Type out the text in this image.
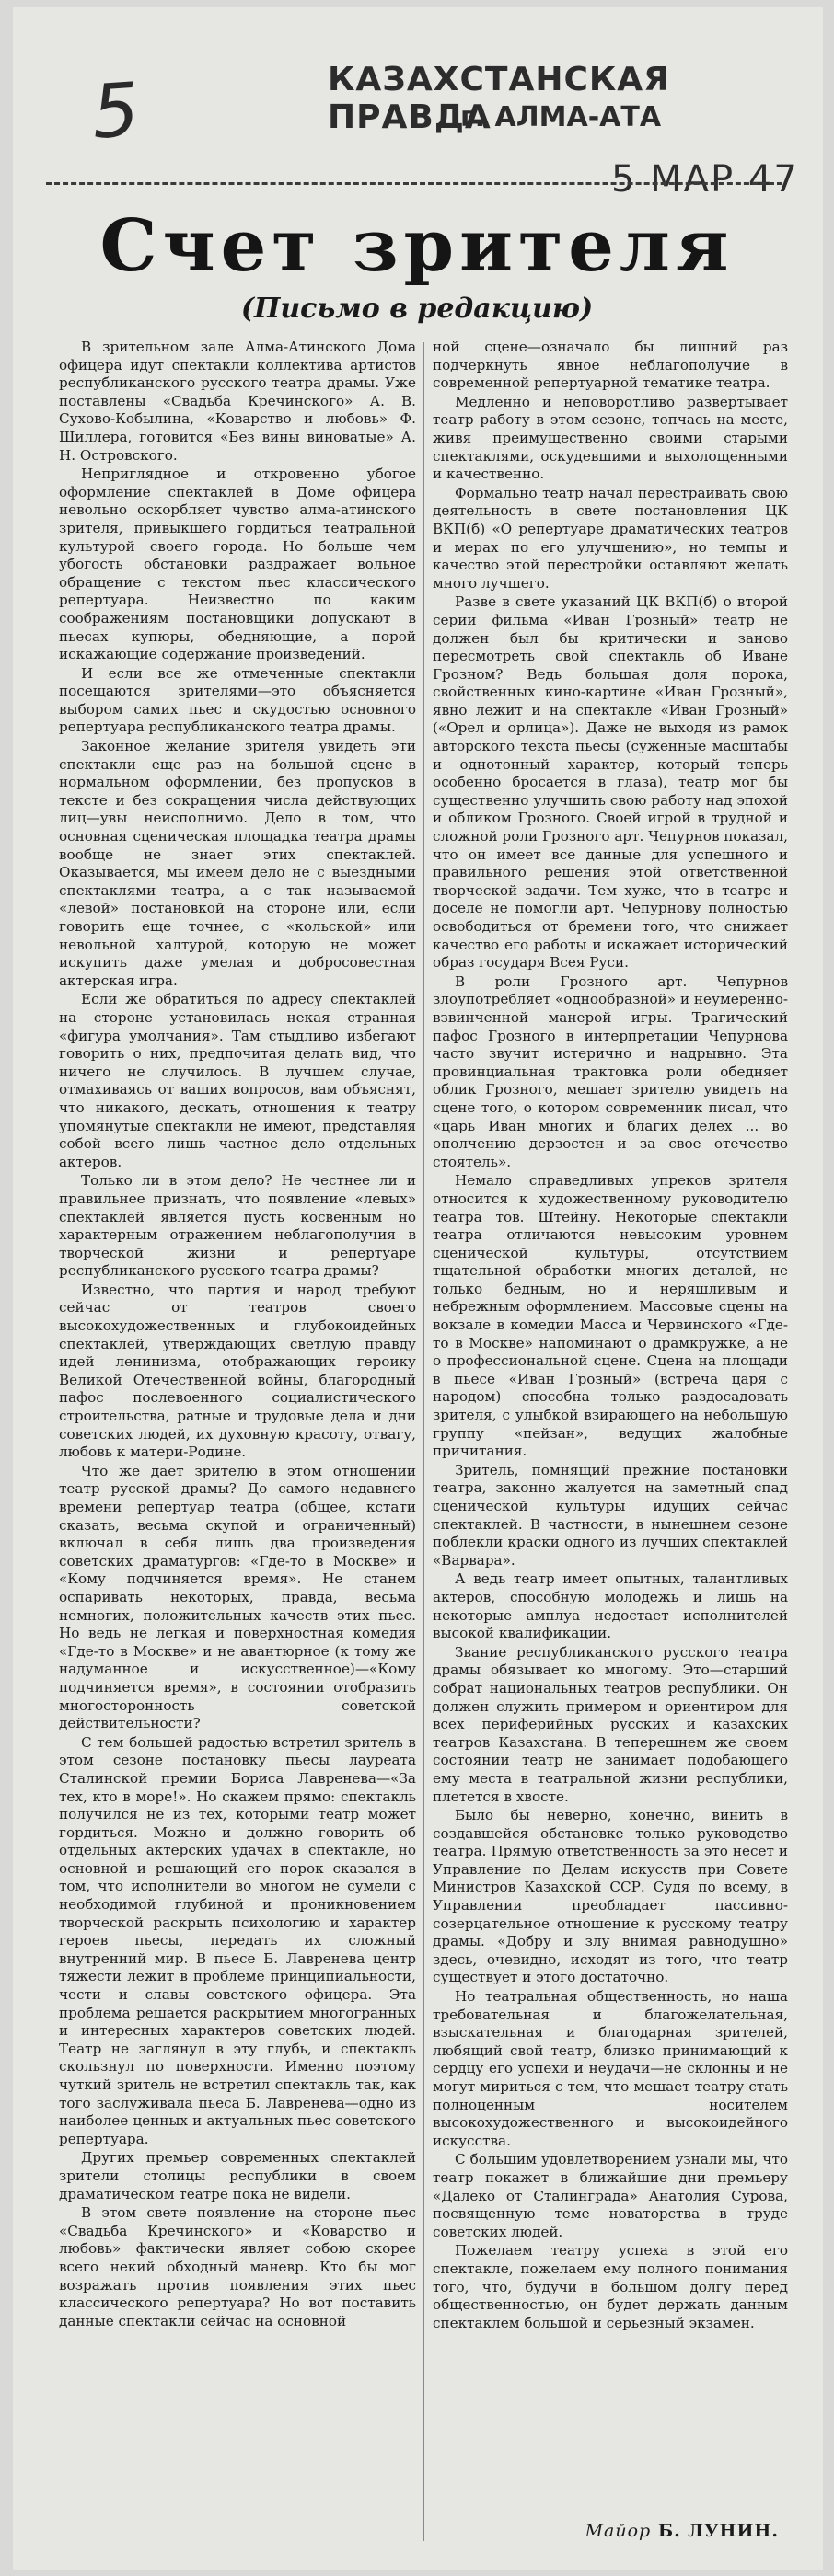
5	КАЗАХСТАНСКАЯ ПРАВДА
г. АЛМА-АТА
5 МАР 47
Счет зрителя
(Письмо в редакцию)

В зрительном зале Алма-Атинского Дома офицера идут спектакли коллектива артистов республиканского русского театра драмы. Уже поставлены «Свадьба Кречинского» А. В. Сухово-Кобылина, «Коварство и любовь» Ф. Шиллера, готовится «Без вины виноватые» А. Н. Островского.

Неприглядное и откровенно убогое оформление спектаклей в Доме офицера невольно оскорбляет чувство алма-атинского зрителя, привыкшего гордиться театральной культурой своего города. Но больше чем убогость обстановки раздражает вольное обращение с текстом пьес классического репертуара. Неизвестно по каким соображениям постановщики допускают в пьесах купюры, обедняющие, а порой искажающие содержание произведений.

И если все же отмеченные спектакли посещаются зрителями—это объясняется выбором самих пьес и скудостью основного репертуара республиканского театра драмы.

Законное желание зрителя увидеть эти спектакли еще раз на большой сцене в нормальном оформлении, без пропусков в тексте и без сокращения числа действующих лиц—увы неисполнимо. Дело в том, что основная сценическая площадка театра драмы вообще не знает этих спектаклей. Оказывается, мы имеем дело не с выездными спектаклями театра, а с так называемой «левой» постановкой на стороне или, если говорить еще точнее, с «кольской» или невольной халтурой, которую не может искупить даже умелая и добросовестная актерская игра.

Если же обратиться по адресу спектаклей на стороне установилась некая странная «фигура умолчания». Там стыдливо избегают говорить о них, предпочитая делать вид, что ничего не случилось. В лучшем случае, отмахиваясь от ваших вопросов, вам объяснят, что никакого, дескать, отношения к театру упомянутые спектакли не имеют, представляя собой всего лишь частное дело отдельных актеров.

Только ли в этом дело? Не честнее ли и правильнее признать, что появление «левых» спектаклей является пусть косвенным но характерным отражением неблагополучия в творческой жизни и репертуаре республиканского русского театра драмы?

Известно, что партия и народ требуют сейчас от театров своего высокохудожественных и глубокоидейных спектаклей, утверждающих светлую правду идей ленинизма, отображающих героику Великой Отечественной войны, благородный пафос послевоенного социалистического строительства, ратные и трудовые дела и дни советских людей, их духовную красоту, отвагу, любовь к матери-Родине.

Что же дает зрителю в этом отношении театр русской драмы? До самого недавнего времени репертуар театра (общее, кстати сказать, весьма скупой и ограниченный) включал в себя лишь два произведения советских драматургов: «Где-то в Москве» и «Кому подчиняется время». Не станем оспаривать некоторых, правда, весьма немногих, положительных качеств этих пьес. Но ведь не легкая и поверхностная комедия «Где-то в Москве» и не авантюрное (к тому же надуманное и искусственное)—«Кому подчиняется время», в состоянии отобразить многосторонность советской действительности?

С тем большей радостью встретил зритель в этом сезоне постановку пьесы лауреата Сталинской премии Бориса Лавренева—«За тех, кто в море!». Но скажем прямо: спектакль получился не из тех, которыми театр может гордиться. Можно и должно говорить об отдельных актерских удачах в спектакле, но основной и решающий его порок сказался в том, что исполнители во многом не сумели с необходимой глубиной и проникновением творческой раскрыть психологию и характер героев пьесы, передать их сложный внутренний мир. В пьесе Б. Лавренева центр тяжести лежит в проблеме принципиальности, чести и славы советского офицера. Эта проблема решается раскрытием многогранных и интересных характеров советских людей. Театр не заглянул в эту глубь, и спектакль скользнул по поверхности. Именно поэтому чуткий зритель не встретил спектакль так, как того заслуживала пьеса Б. Лавренева—одно из наиболее ценных и актуальных пьес советского репертуара.

Других премьер современных спектаклей зрители столицы республики в своем драматическом театре пока не видели.

В этом свете появление на стороне пьес «Свадьба Кречинского» и «Коварство и любовь» фактически являет собою скорее всего некий обходный маневр. Кто бы мог возражать против появления этих пьес классического репертуара? Но вот поставить данные спектакли сейчас на основной

ной сцене—означало бы лишний раз подчеркнуть явное неблагополучие в современной репертуарной тематике театра.

Медленно и неповоротливо развертывает театр работу в этом сезоне, топчась на месте, живя преимущественно своими старыми спектаклями, оскудевшими и выхолощенными и качественно.

Формально театр начал перестраивать свою деятельность в свете постановления ЦК ВКП(б) «О репертуаре драматических театров и мерах по его улучшению», но темпы и качество этой перестройки оставляют желать много лучшего.

Разве в свете указаний ЦК ВКП(б) о второй серии фильма «Иван Грозный» театр не должен был бы критически и заново пересмотреть свой спектакль об Иване Грозном? Ведь большая доля порока, свойственных кино-картине «Иван Грозный», явно лежит и на спектакле «Иван Грозный» («Орел и орлица»). Даже не выходя из рамок авторского текста пьесы (суженные масштабы и однотонный характер, который теперь особенно бросается в глаза), театр мог бы существенно улучшить свою работу над эпохой и обликом Грозного. Своей игрой в трудной и сложной роли Грозного арт. Чепурнов показал, что он имеет все данные для успешного и правильного решения этой ответственной творческой задачи. Тем хуже, что в театре и доселе не помогли арт. Чепурнову полностью освободиться от бремени того, что снижает качество его работы и искажает исторический образ государя Всея Руси.

В роли Грозного арт. Чепурнов злоупотребляет «однообразной» и неумеренно-взвинченной манерой игры. Трагический пафос Грозного в интерпретации Чепурнова часто звучит истерично и надрывно. Эта провинциальная трактовка роли обедняет облик Грозного, мешает зрителю увидеть на сцене того, о котором современник писал, что «царь Иван многих и благих делех ... во ополчению дерзостен и за свое отечество стоятель».

Немало справедливых упреков зрителя относится к художественному руководителю театра тов. Штейну. Некоторые спектакли театра отличаются невысоким уровнем сценической культуры, отсутствием тщательной обработки многих деталей, не только бедным, но и неряшливым и небрежным оформлением. Массовые сцены на вокзале в комедии Масса и Червинского «Где-то в Москве» напоминают о драмкружке, а не о профессиональной сцене. Сцена на площади в пьесе «Иван Грозный» (встреча царя с народом) способна только раздосадовать зрителя, с улыбкой взирающего на небольшую группу «пейзан», ведущих жалобные причитания.

Зритель, помнящий прежние постановки театра, законно жалуется на заметный спад сценической культуры идущих сейчас спектаклей. В частности, в нынешнем сезоне поблекли краски одного из лучших спектаклей «Варвара».

А ведь театр имеет опытных, талантливых актеров, способную молодежь и лишь на некоторые амплуа недостает исполнителей высокой квалификации.

Звание республиканского русского театра драмы обязывает ко многому. Это—старший собрат национальных театров республики. Он должен служить примером и ориентиром для всех периферийных русских и казахских театров Казахстана. В теперешнем же своем состоянии театр не занимает подобающего ему места в театральной жизни республики, плетется в хвосте.

Было бы неверно, конечно, винить в создавшейся обстановке только руководство театра. Прямую ответственность за это несет и Управление по Делам искусств при Совете Министров Казахской ССР. Судя по всему, в Управлении преобладает пассивно-созерцательное отношение к русскому театру драмы. «Добру и злу внимая равнодушно» здесь, очевидно, исходят из того, что театр существует и этого достаточно.

Но театральная общественность, но наша требовательная и благожелательная, взыскательная и благодарная зрителей, любящий свой театр, близко принимающий к сердцу его успехи и неудачи—не склонны и не могут мириться с тем, что мешает театру стать полноценным носителем высокохудожественного и высокоидейного искусства.

С большим удовлетворением узнали мы, что театр покажет в ближайшие дни премьеру «Далеко от Сталинграда» Анатолия Сурова, посвященную теме новаторства в труде советских людей.

Пожелаем театру успеха в этой его спектакле, пожелаем ему полного понимания того, что, будучи в большом долгу перед общественностью, он будет держать данным спектаклем большой и серьезный экзамен.

Майор Б. ЛУНИН.
